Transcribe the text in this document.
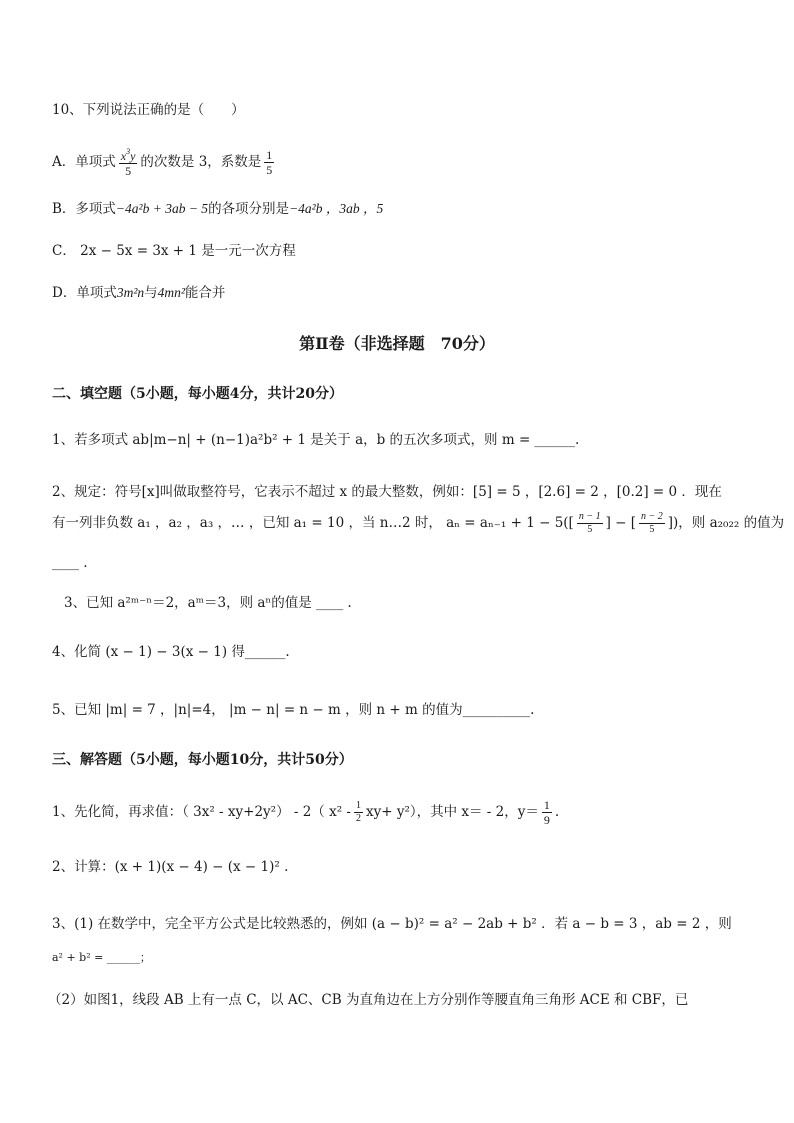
10、下列说法正确的是（　　）
A．单项式 $\frac{x^3y}{5}$ 的次数是 3，系数是 $\frac{1}{5}$
B．多项式−4a²b + 3ab − 5的各项分别是−4a²b ，3ab ，5
C． 2x − 5x = 3x + 1 是一元一次方程
D．单项式3m²n与4mn²能合并
第Ⅱ卷（非选择题　70分）
二、填空题（5小题，每小题4分，共计20分）
1、若多项式 ab|m−n| + (n−1)a²b² + 1 是关于 a，b 的五次多项式，则 m = ______.
2、规定：符号[x]叫做取整符号，它表示不超过 x 的最大整数，例如：[5] = 5 ，[2.6] = 2 ，[0.2] = 0 ．现在
有一列非负数 a₁ ，a₂ ，a₃ ，… ，已知 a₁ = 10 ，当 n…2 时， $a_n = a_{n-1} + 1 - 5([ \frac{n - 1}{5}$ ] − [ $\frac{n - 2}{5}$ ])，则 a₂₀₂₂ 的值为
____ .
3、已知 a²ᵐ⁻ⁿ＝2，aᵐ＝3，则 aⁿ的值是 ____ .
4、化简 (x − 1) − 3(x − 1) 得______.
5、已知 |m| = 7 ，|n|=4， |m − n| = n − m ，则 n + m 的值为__________.
三、解答题（5小题，每小题10分，共计50分）
1、先化简，再求值：（ 3x² - xy+2y²） - 2（ $x^2 - \frac{1}{2} xy+ y^2$），其中 x＝ - 2，$y= \frac{1}{9}$ .
2、计算：(x + 1)(x − 4) − (x − 1)² .
3、(1) 在数学中，完全平方公式是比较熟悉的，例如 (a − b)² = a² − 2ab + b² ．若 a − b = 3 ，ab = 2 ，则
a² + b² = ______；
（2）如图1，线段 AB 上有一点 C，以 AC、CB 为直角边在上方分别作等腰直角三角形 ACE 和 CBF，已
